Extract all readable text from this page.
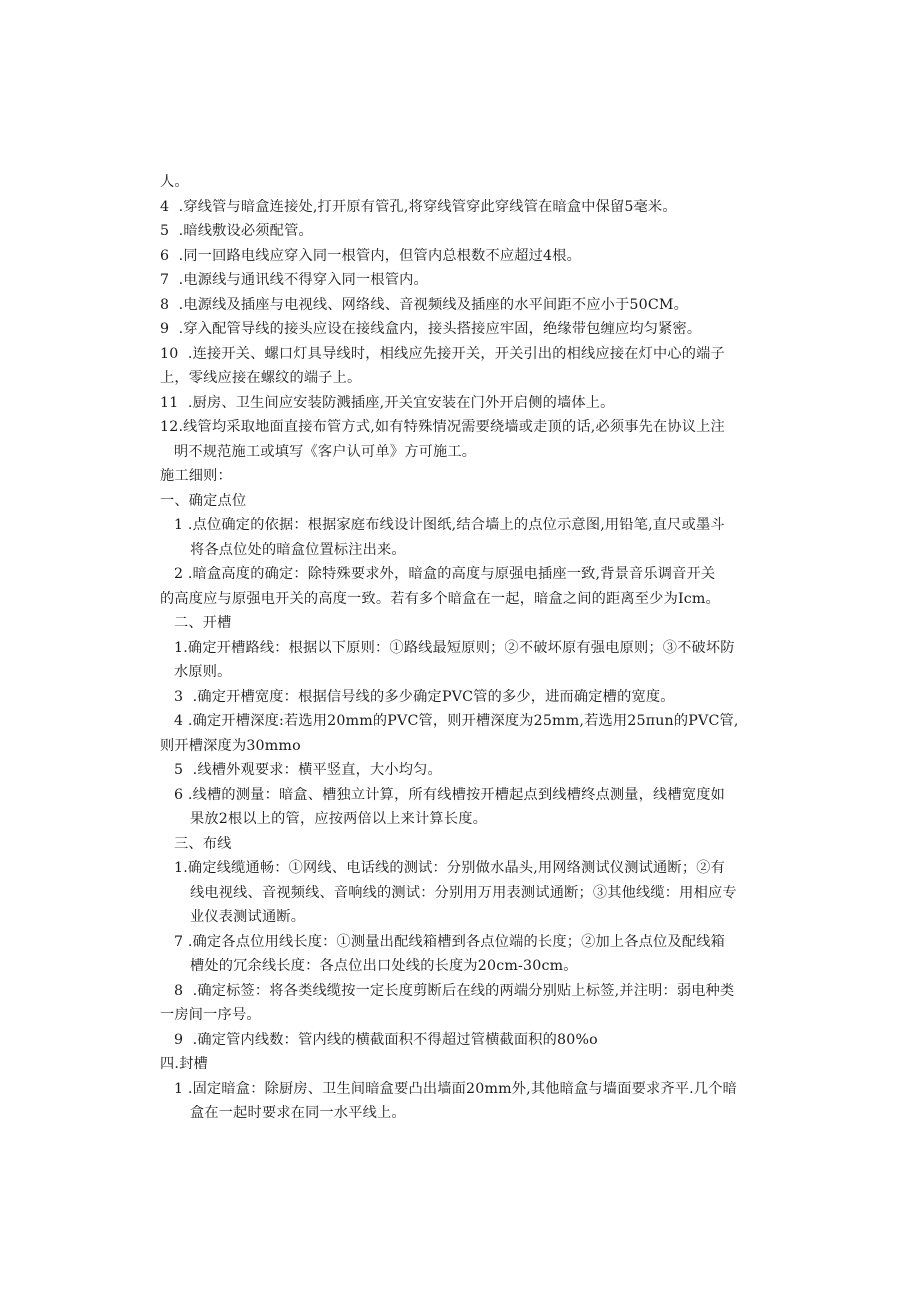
人。
4  .穿线管与暗盒连接处,打开原有管孔,将穿线管穿此穿线管在暗盒中保留5毫米。
5  .暗线敷设必须配管。
6  .同一回路电线应穿入同一根管内，但管内总根数不应超过4根。
7  .电源线与通讯线不得穿入同一根管内。
8  .电源线及插座与电视线、网络线、音视频线及插座的水平间距不应小于50CM。
9  .穿入配管导线的接头应设在接线盒内，接头搭接应牢固，绝缘带包缠应均匀紧密。
10  .连接开关、螺口灯具导线时，相线应先接开关，开关引出的相线应接在灯中心的端子
上，零线应接在螺纹的端子上。
11  .厨房、卫生间应安装防溅插座,开关宜安装在门外开启侧的墙体上。
12.线管均采取地面直接布管方式,如有特殊情况需要绕墙或走顶的话,必须事先在协议上注
明不规范施工或填写《客户认可单》方可施工。
施工细则：
一、确定点位
1 .点位确定的依据：根据家庭布线设计图纸,结合墙上的点位示意图,用铅笔,直尺或墨斗
将各点位处的暗盒位置标注出来。
2 .暗盒高度的确定：除特殊要求外，暗盒的高度与原强电插座一致,背景音乐调音开关
的高度应与原强电开关的高度一致。若有多个暗盒在一起，暗盒之间的距离至少为Icm。
二、开槽
1.确定开槽路线：根据以下原则：①路线最短原则；②不破坏原有强电原则；③不破坏防
水原则。
3  .确定开槽宽度：根据信号线的多少确定PVC管的多少，进而确定槽的宽度。
4 .确定开槽深度:若选用20mm的PVC管，则开槽深度为25mm,若选用25πun的PVC管,
则开槽深度为30mmo
5  .线槽外观要求：横平竖直，大小均匀。
6 .线槽的测量：暗盒、槽独立计算，所有线槽按开槽起点到线槽终点测量，线槽宽度如
果放2根以上的管，应按两倍以上来计算长度。
三、布线
1.确定线缆通畅：①网线、电话线的测试：分别做水晶头,用网络测试仪测试通断；②有
线电视线、音视频线、音响线的测试：分别用万用表测试通断；③其他线缆：用相应专
业仪表测试通断。
7 .确定各点位用线长度：①测量出配线箱槽到各点位端的长度；②加上各点位及配线箱
槽处的冗余线长度：各点位出口处线的长度为20cm-30cm。
8  .确定标签：将各类线缆按一定长度剪断后在线的两端分别贴上标签,并注明：弱电种类
一房间一序号。
9  .确定管内线数：管内线的横截面积不得超过管横截面积的80%o
四.封槽
1 .固定暗盒：除厨房、卫生间暗盒要凸出墙面20mm外,其他暗盒与墙面要求齐平.几个暗
盒在一起时要求在同一水平线上。
